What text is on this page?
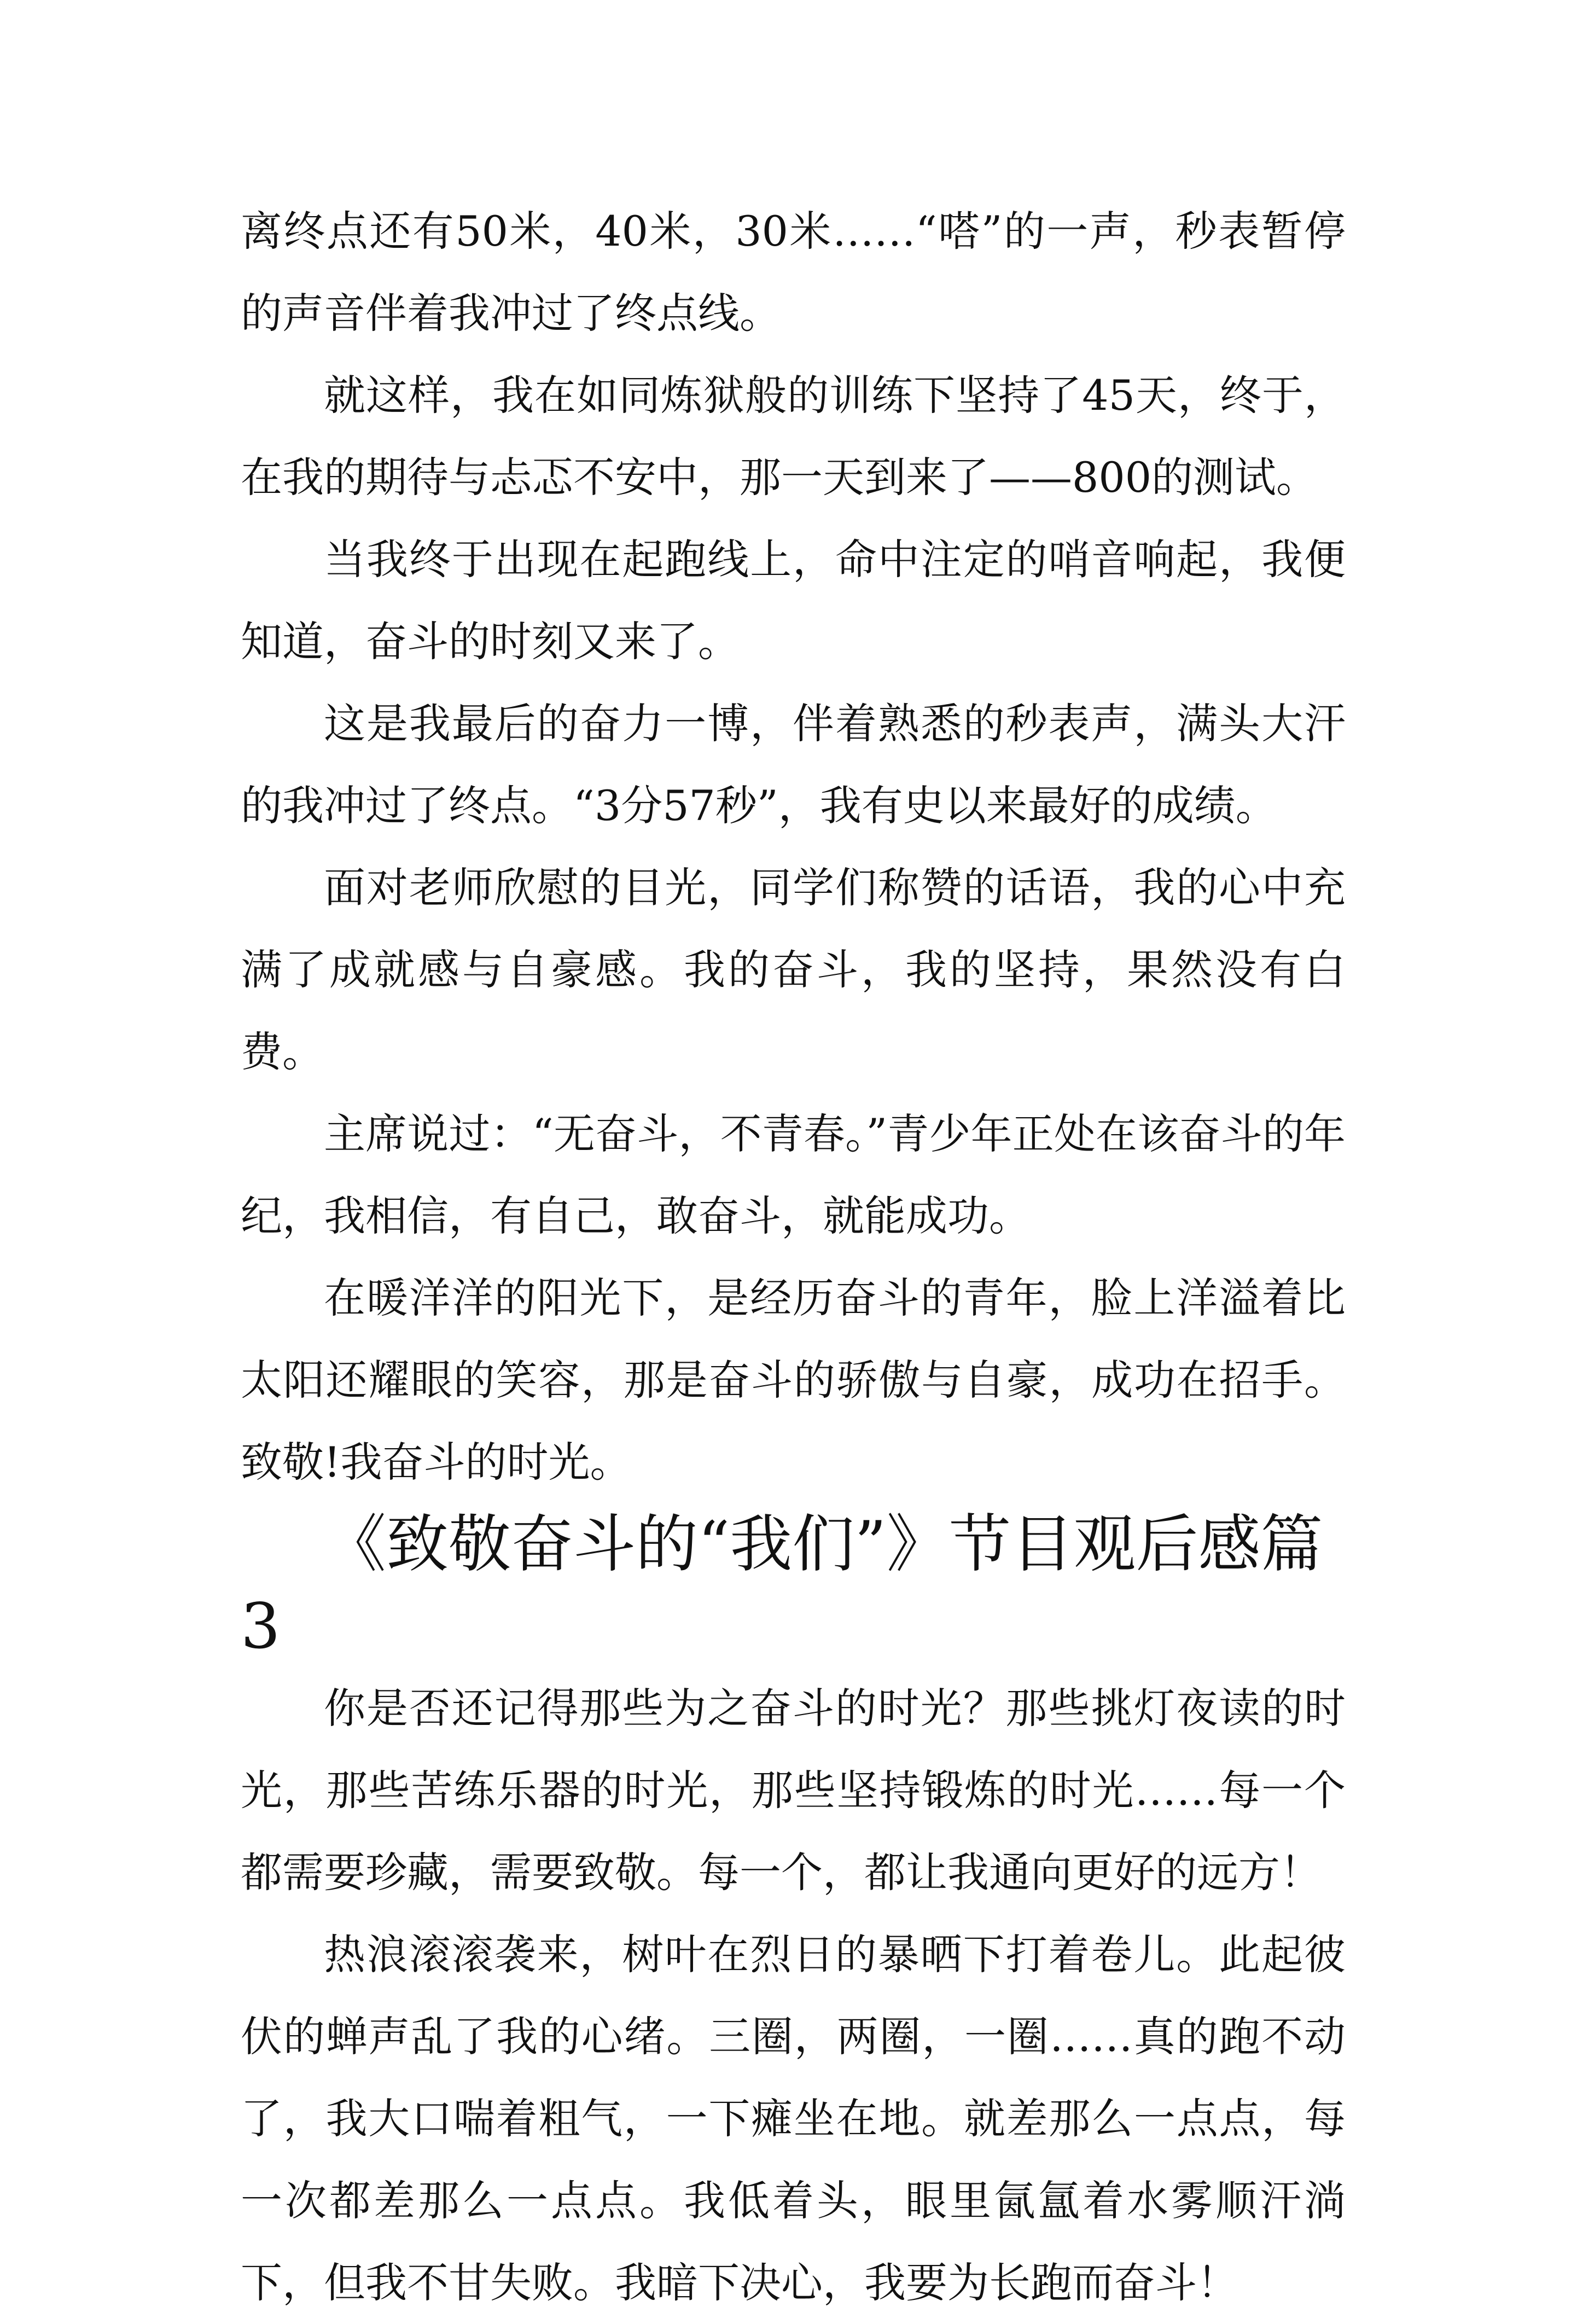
离终点还有50米，40米，30米……“嗒”的一声，秒表暂停的声音伴着我冲过了终点线。

就这样，我在如同炼狱般的训练下坚持了45天，终于，在我的期待与忐忑不安中，那一天到来了——800的测试。

当我终于出现在起跑线上，命中注定的哨音响起，我便知道，奋斗的时刻又来了。

这是我最后的奋力一博，伴着熟悉的秒表声，满头大汗的我冲过了终点。“3分57秒”，我有史以来最好的成绩。

面对老师欣慰的目光，同学们称赞的话语，我的心中充满了成就感与自豪感。我的奋斗，我的坚持，果然没有白费。

主席说过：“无奋斗，不青春。”青少年正处在该奋斗的年纪，我相信，有自己，敢奋斗，就能成功。

在暖洋洋的阳光下，是经历奋斗的青年，脸上洋溢着比太阳还耀眼的笑容，那是奋斗的骄傲与自豪，成功在招手。致敬!我奋斗的时光。

《致敬奋斗的“我们”》节目观后感篇3

你是否还记得那些为之奋斗的时光？那些挑灯夜读的时光，那些苦练乐器的时光，那些坚持锻炼的时光……每一个都需要珍藏，需要致敬。每一个，都让我通向更好的远方！

热浪滚滚袭来，树叶在烈日的暴晒下打着卷儿。此起彼伏的蝉声乱了我的心绪。三圈，两圈，一圈……真的跑不动了，我大口喘着粗气，一下瘫坐在地。就差那么一点点，每一次都差那么一点点。我低着头，眼里氤氲着水雾顺汗淌下，但我不甘失败。我暗下决心，我要为长跑而奋斗！
